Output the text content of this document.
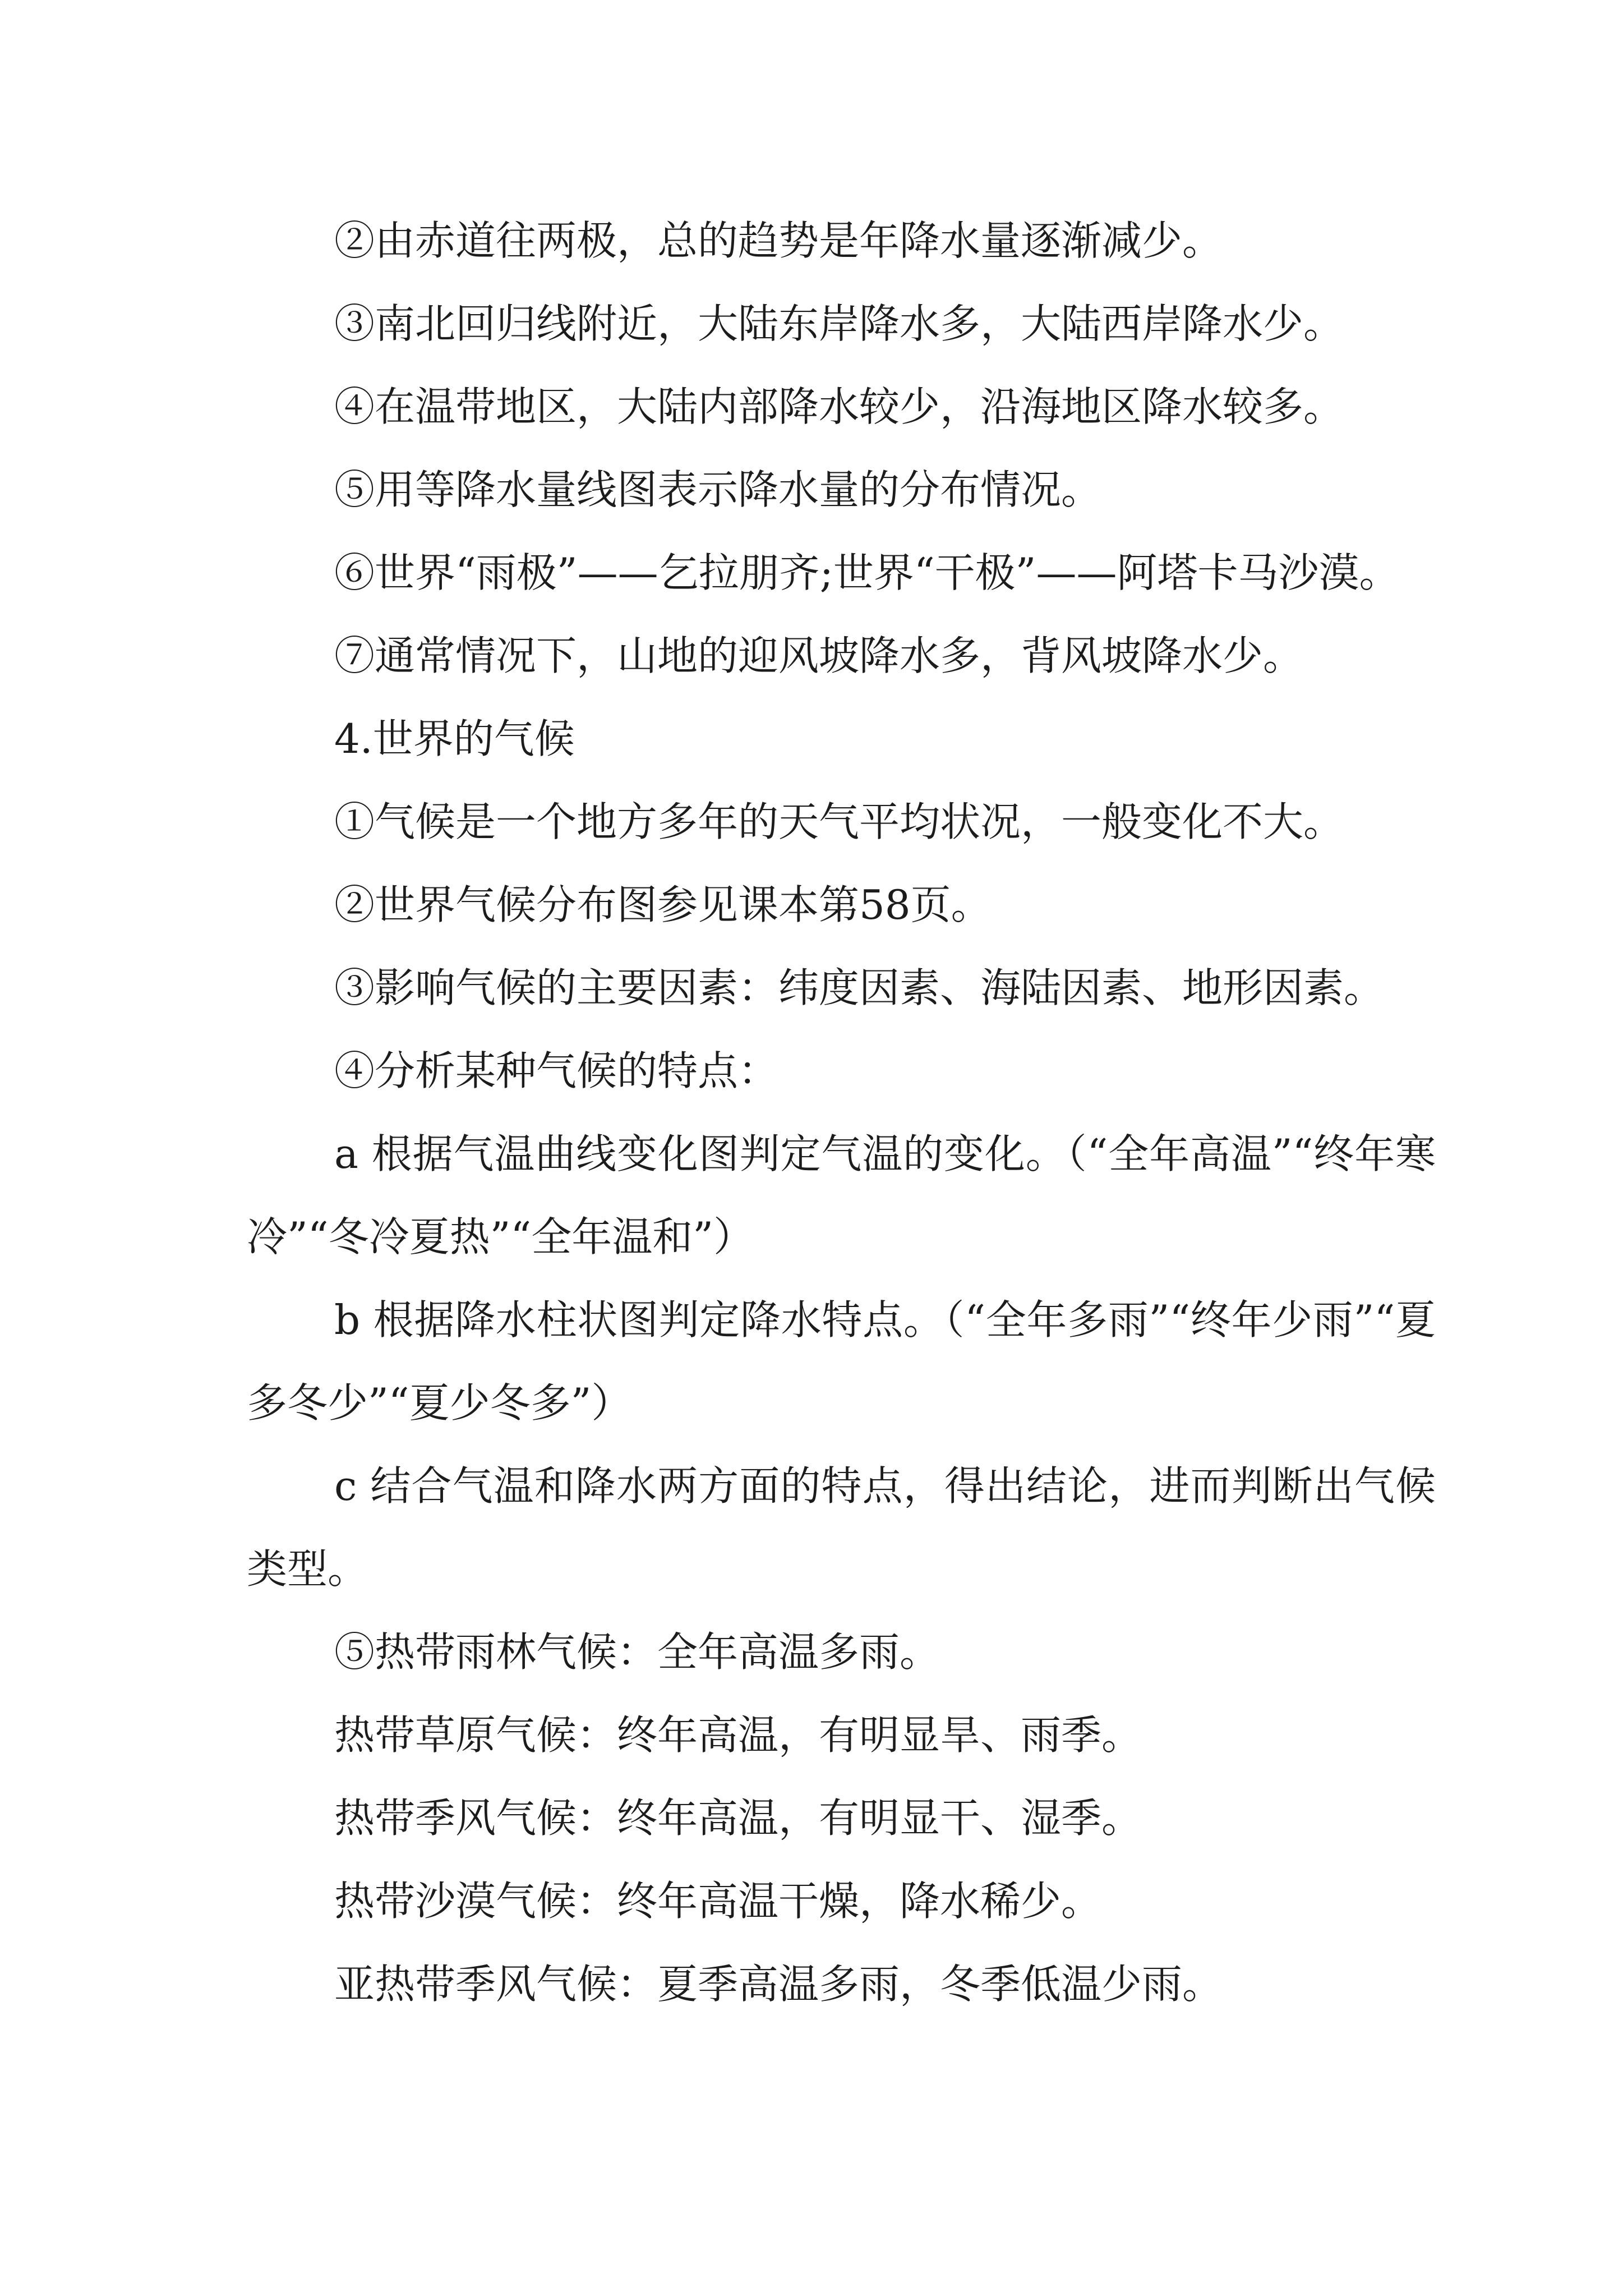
②由赤道往两极，总的趋势是年降水量逐渐减少。

③南北回归线附近，大陆东岸降水多，大陆西岸降水少。

④在温带地区，大陆内部降水较少，沿海地区降水较多。

⑤用等降水量线图表示降水量的分布情况。

⑥世界“雨极”——乞拉朋齐;世界“干极”——阿塔卡马沙漠。

⑦通常情况下，山地的迎风坡降水多，背风坡降水少。

4.世界的气候

①气候是一个地方多年的天气平均状况，一般变化不大。

②世界气候分布图参见课本第58页。

③影响气候的主要因素：纬度因素、海陆因素、地形因素。

④分析某种气候的特点：

a 根据气温曲线变化图判定气温的变化。（“全年高温”“终年寒冷”“冬冷夏热”“全年温和”）

b 根据降水柱状图判定降水特点。（“全年多雨”“终年少雨”“夏多冬少”“夏少冬多”）

c 结合气温和降水两方面的特点，得出结论，进而判断出气候类型。

⑤热带雨林气候：全年高温多雨。

热带草原气候：终年高温，有明显旱、雨季。

热带季风气候：终年高温，有明显干、湿季。

热带沙漠气候：终年高温干燥，降水稀少。

亚热带季风气候：夏季高温多雨，冬季低温少雨。
